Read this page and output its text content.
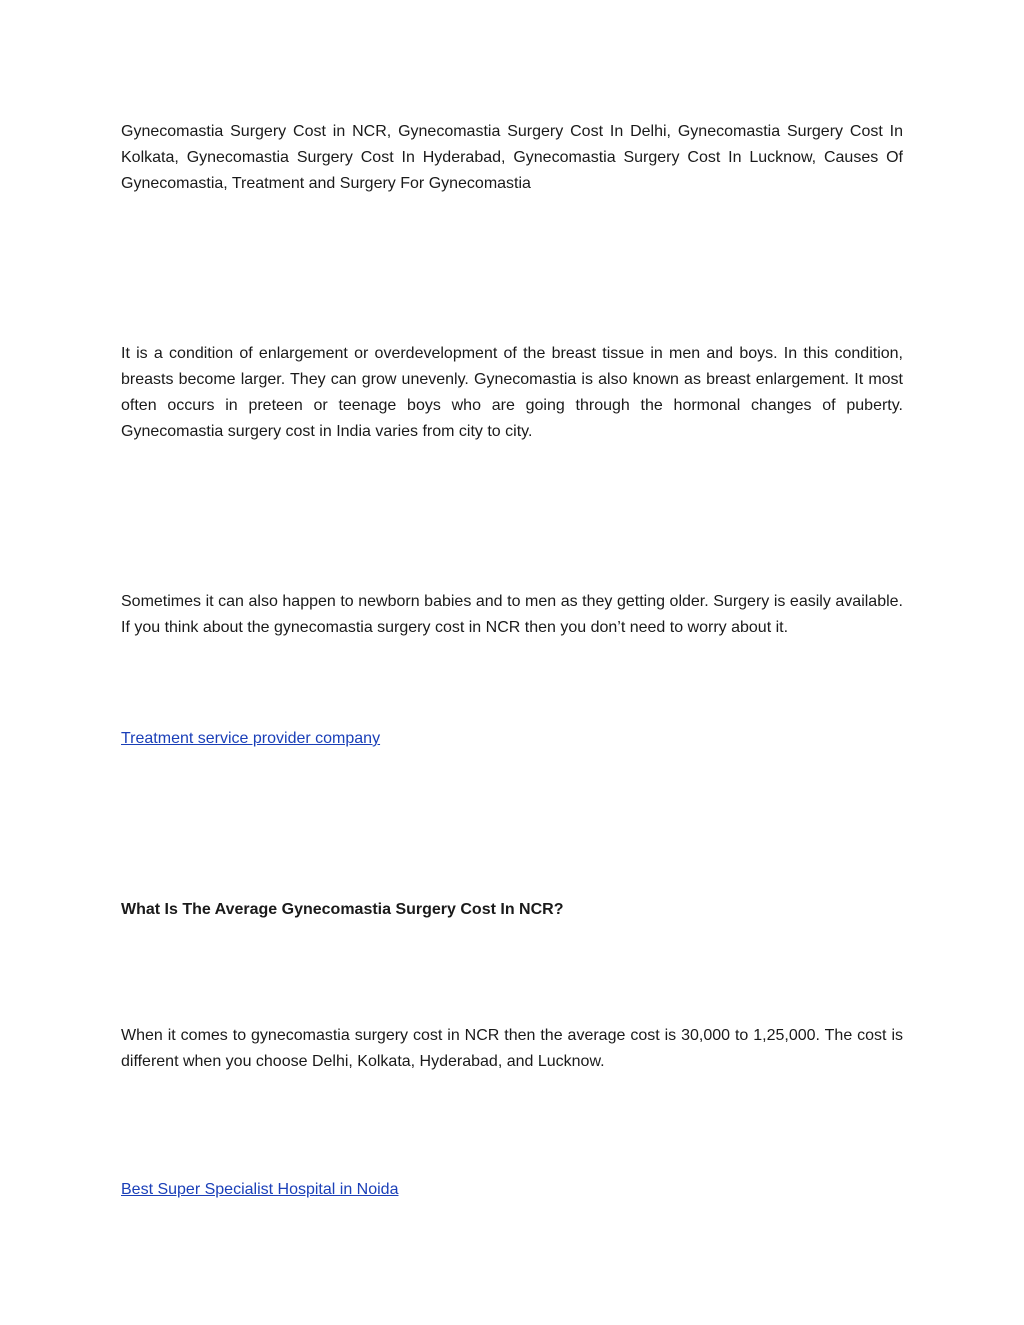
Gynecomastia Surgery Cost in NCR, Gynecomastia Surgery Cost In Delhi, Gynecomastia Surgery Cost In Kolkata, Gynecomastia Surgery Cost In Hyderabad, Gynecomastia Surgery Cost In Lucknow, Causes Of Gynecomastia, Treatment and Surgery For Gynecomastia

It is a condition of enlargement or overdevelopment of the breast tissue in men and boys. In this condition, breasts become larger. They can grow unevenly. Gynecomastia is also known as breast enlargement. It most often occurs in preteen or teenage boys who are going through the hormonal changes of puberty. Gynecomastia surgery cost in India varies from city to city.

Sometimes it can also happen to newborn babies and to men as they getting older. Surgery is easily available. If you think about the gynecomastia surgery cost in NCR then you don’t need to worry about it.

Treatment service provider company

What Is The Average Gynecomastia Surgery Cost In NCR?

When it comes to gynecomastia surgery cost in NCR then the average cost is 30,000 to 1,25,000. The cost is different when you choose Delhi, Kolkata, Hyderabad, and Lucknow.

Best Super Specialist Hospital in Noida
